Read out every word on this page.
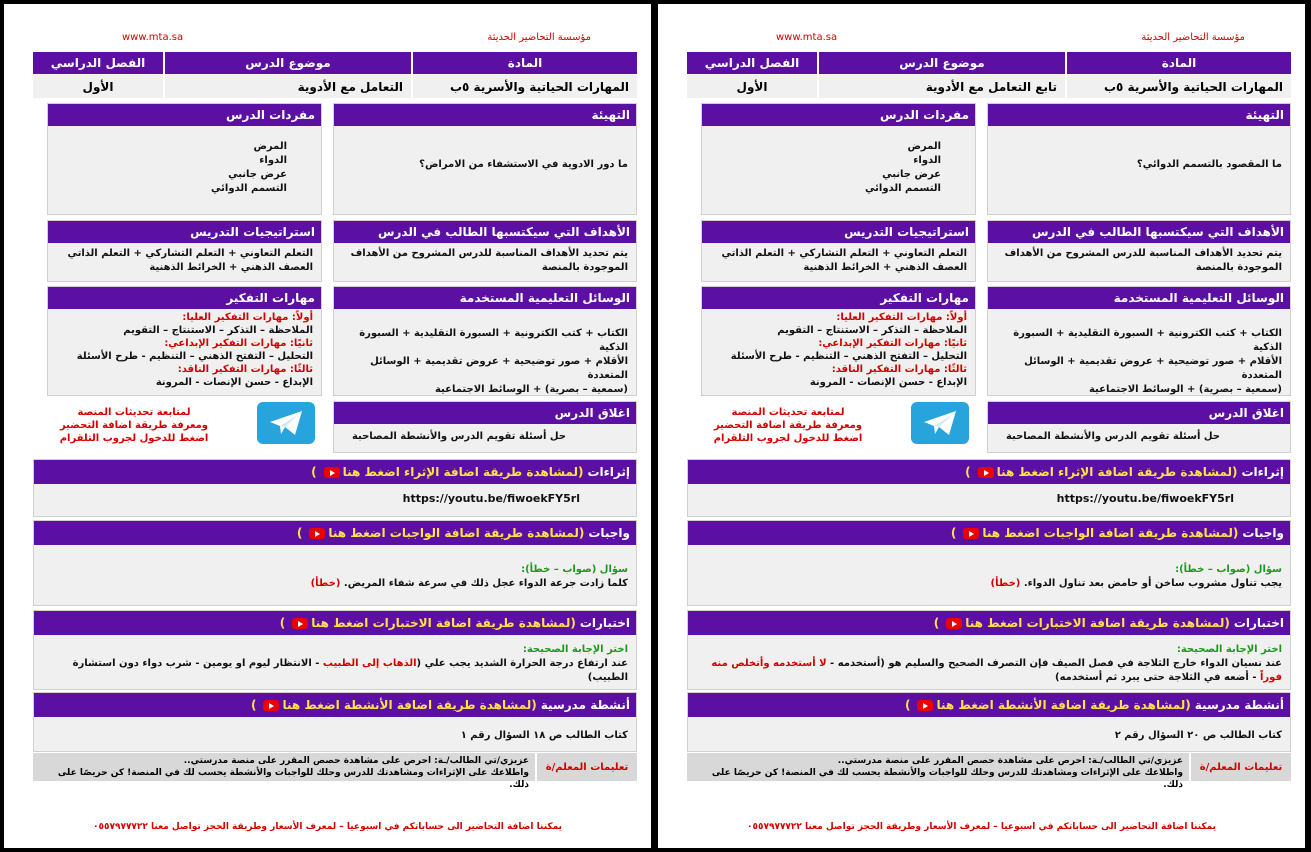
مؤسسة التحاضير الحديثة
www.mta.sa
المادة
المهارات الحياتية والأسرية ٥ب
موضوع الدرس
تابع التعامل مع الأدوية
الفصل الدراسي
الأول
التهيئة
ما المقصود بالتسمم الدوائي؟
مفردات الدرس
المرض
الدواء
عرض جانبي
التسمم الدوائي
الأهداف التي سيكتسبها الطالب في الدرس
يتم تحديد الأهداف المناسبة للدرس المشروح من الأهداف الموجودة بالمنصة
استراتيجيات التدريس
التعلم التعاوني + التعلم التشاركي + التعلم الذاتي
العصف الذهني + الخرائط الذهنية
الوسائل التعليمية المستخدمة
الكتاب + كتب الكترونية + السبورة التقليدية + السبورة الذكية
الأقلام + صور توضيحية + عروض تقديمية + الوسائل المتعددة
(سمعية – بصرية) + الوسائط الاجتماعية
مهارات التفكير
أولاً: مهارات التفكير العليا:
الملاحظة – التذكر – الاستنتاج – التقويم
ثانيًا: مهارات التفكير الإبداعي:
التحليل – التفتح الذهني – التنظيم - طرح الأسئلة
ثالثًا: مهارات التفكير الناقد:
الإبداع - حسن الإنصات - المرونة
اغلاق الدرس
حل أسئلة تقويم الدرس والأنشطة المصاحبة
لمتابعة تحديثات المنصة
ومعرفة طريقة اضافة التحضير
اضغط للدخول لجروب التلقرام
إثراءات
(لمشاهدة طريقة اضافة الإثراء اضغط هنا
)
https://youtu.be/fiwoekFY5rl
واجبات
(لمشاهدة طريقة اضافة الواجبات اضغط هنا
)
سؤال (صواب – خطأ):
يجب تناول مشروب ساخن أو حامض بعد تناول الدواء. (خطأ)
اختبارات
(لمشاهدة طريقة اضافة الاختبارات اضغط هنا
)
اختر الإجابة الصحيحة:
عند نسيان الدواء خارج الثلاجة في فصل الصيف فإن التصرف الصحيح والسليم هو (أستخدمه - لا أستخدمه وأتخلص منه فوراً - أضعه في الثلاجة حتى يبرد ثم أستخدمه)
أنشطة مدرسية
(لمشاهدة طريقة اضافة الأنشطة اضغط هنا
)
كتاب الطالب ص ٢٠ السؤال رقم ٢
تعليمات المعلم/ة
عزيزي/تي الطالب/ـة: احرص على مشاهدة حصص المقرر على منصة مدرستي..
واطلاعك على الإثراءات ومشاهدتك للدرس وحلك للواجبات والأنشطة يحسب لك في المنصة! كن حريصًا على ذلك.
يمكننا اضافة التحاضير الى حساباتكم في اسبوعيا – لمعرف الأسعار وطريقة الحجز تواصل معنا ٠٥٥٧٩٧٧٧٢٢
مؤسسة التحاضير الحديثة
www.mta.sa
المادة
المهارات الحياتية والأسرية ٥ب
موضوع الدرس
التعامل مع الأدوية
الفصل الدراسي
الأول
التهيئة
ما دور الادوية في الاستشفاء من الامراض؟
مفردات الدرس
المرض
الدواء
عرض جانبي
التسمم الدوائي
الأهداف التي سيكتسبها الطالب في الدرس
يتم تحديد الأهداف المناسبة للدرس المشروح من الأهداف الموجودة بالمنصة
استراتيجيات التدريس
التعلم التعاوني + التعلم التشاركي + التعلم الذاتي
العصف الذهني + الخرائط الذهنية
الوسائل التعليمية المستخدمة
الكتاب + كتب الكترونية + السبورة التقليدية + السبورة الذكية
الأقلام + صور توضيحية + عروض تقديمية + الوسائل المتعددة
(سمعية – بصرية) + الوسائط الاجتماعية
مهارات التفكير
أولاً: مهارات التفكير العليا:
الملاحظة – التذكر – الاستنتاج – التقويم
ثانيًا: مهارات التفكير الإبداعي:
التحليل – التفتح الذهني – التنظيم - طرح الأسئلة
ثالثًا: مهارات التفكير الناقد:
الإبداع - حسن الإنصات - المرونة
اغلاق الدرس
حل أسئلة تقويم الدرس والأنشطة المصاحبة
لمتابعة تحديثات المنصة
ومعرفة طريقة اضافة التحضير
اضغط للدخول لجروب التلقرام
إثراءات
(لمشاهدة طريقة اضافة الإثراء اضغط هنا
)
https://youtu.be/fiwoekFY5rl
واجبات
(لمشاهدة طريقة اضافة الواجبات اضغط هنا
)
سؤال (صواب – خطأ):
كلما زادت جرعة الدواء عجل ذلك في سرعة شفاء المريض. (خطأ)
اختبارات
(لمشاهدة طريقة اضافة الاختبارات اضغط هنا
)
اختر الإجابة الصحيحة:
عند ارتفاع درجة الحرارة الشديد يجب علي (الذهاب إلى الطبيب - الانتظار ليوم او يومين - شرب دواء دون استشارة الطبيب)
أنشطة مدرسية
(لمشاهدة طريقة اضافة الأنشطة اضغط هنا
)
كتاب الطالب ص ١٨ السؤال رقم ١
تعليمات المعلم/ة
عزيزي/تي الطالب/ـة: احرص على مشاهدة حصص المقرر على منصة مدرستي..
واطلاعك على الإثراءات ومشاهدتك للدرس وحلك للواجبات والأنشطة يحسب لك في المنصة! كن حريصًا على ذلك.
يمكننا اضافة التحاضير الى حساباتكم في اسبوعيا – لمعرف الأسعار وطريقة الحجز تواصل معنا ٠٥٥٧٩٧٧٧٢٢
